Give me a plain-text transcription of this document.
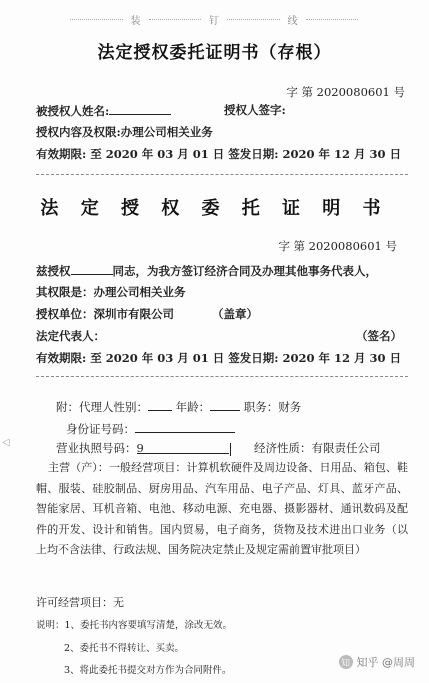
装	钉	线
法定授权委托证明书（存根）
字 第 2020080601 号
被授权人姓名:	授权人签字:
授权内容及权限:办理公司相关业务
有效期限: 至 2020 年 03 月 01 日 签发日期: 2020 年 12 月 30 日
法 定 授 权 委 托 证 明 书
字 第 2020080601 号
兹授权	同志，为我方签订经济合同及办理其他事务代表人，
其权限是：办理公司相关业务
授权单位：深圳市有限公司	（盖章）
法定代表人：	（签名）
有效期限: 至 2020 年 03 月 01 日 签发日期: 2020 年 12 月 30 日
附：代理人性别： 年龄：	职务：财务
身份证号码：
◁	营业执照号码：9	经济性质：有限责任公司
主营（产）：一般经营项目：计算机软硬件及周边设备、日用品、箱包、鞋帽、服装、硅胶制品、厨房用品、汽车用品、电子产品、灯具、蓝牙产品、智能家居、耳机音箱、电池、移动电源、充电器、摄影器材、通讯数码及配件的开发、设计和销售。国内贸易，电子商务，货物及技术进出口业务（以上均不含法律、行政法规、国务院决定禁止及规定需前置审批项目）
许可经营项目：无
说明：1、委托书内容要填写清楚，涂改无效。
2、委托书不得转让、买卖。
3、将此委托书提交对方作为合同附件。
知 知乎 @周周
